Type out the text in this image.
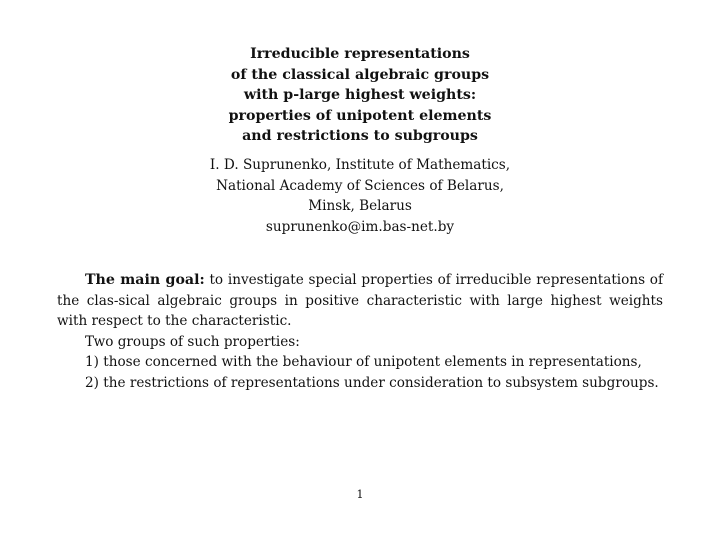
Irreducible representations
of the classical algebraic groups
with p-large highest weights:
properties of unipotent elements
and restrictions to subgroups
I. D. Suprunenko, Institute of Mathematics,
National Academy of Sciences of Belarus,
Minsk, Belarus
suprunenko@im.bas-net.by

The main goal: to investigate special properties of irreducible representations of the clas-sical algebraic groups in positive characteristic with large highest weights with respect to the characteristic.

Two groups of such properties:

1) those concerned with the behaviour of unipotent elements in representations,

2) the restrictions of representations under consideration to subsystem subgroups.

1
